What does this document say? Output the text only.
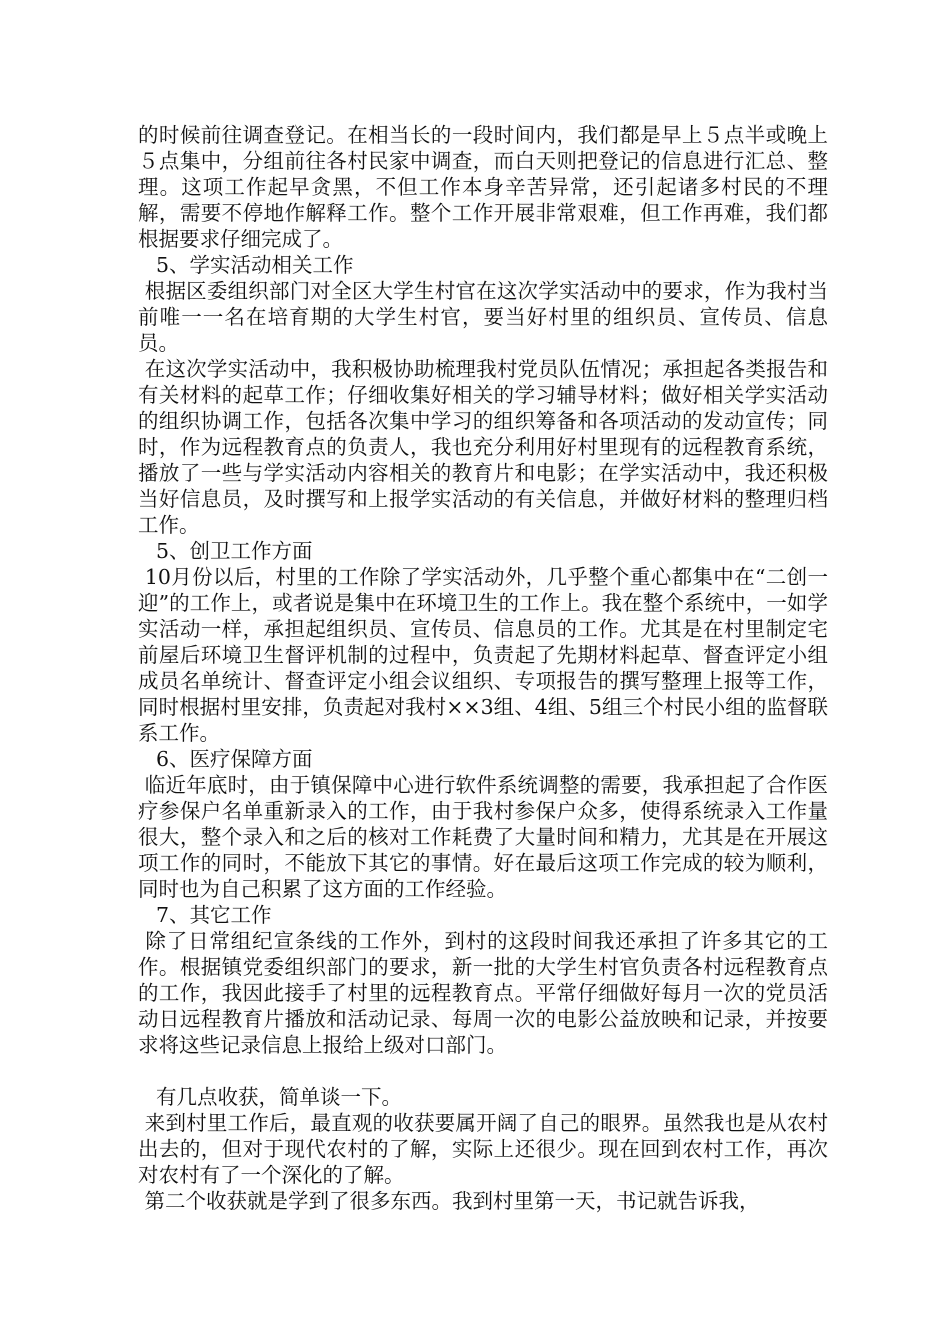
的时候前往调查登记。在相当长的一段时间内，我们都是早上５点半或晚上５点集中，分组前往各村民家中调查，而白天则把登记的信息进行汇总、整理。这项工作起早贪黑，不但工作本身辛苦异常，还引起诸多村民的不理解，需要不停地作解释工作。整个工作开展非常艰难，但工作再难，我们都根据要求仔细完成了。

5、学实活动相关工作

根据区委组织部门对全区大学生村官在这次学实活动中的要求，作为我村当前唯一一名在培育期的大学生村官，要当好村里的组织员、宣传员、信息员。

在这次学实活动中，我积极协助梳理我村党员队伍情况；承担起各类报告和有关材料的起草工作；仔细收集好相关的学习辅导材料；做好相关学实活动的组织协调工作，包括各次集中学习的组织筹备和各项活动的发动宣传；同时，作为远程教育点的负责人，我也充分利用好村里现有的远程教育系统，播放了一些与学实活动内容相关的教育片和电影；在学实活动中，我还积极当好信息员，及时撰写和上报学实活动的有关信息，并做好材料的整理归档工作。

5、创卫工作方面

10月份以后，村里的工作除了学实活动外，几乎整个重心都集中在“二创一迎”的工作上，或者说是集中在环境卫生的工作上。我在整个系统中，一如学实活动一样，承担起组织员、宣传员、信息员的工作。尤其是在村里制定宅前屋后环境卫生督评机制的过程中，负责起了先期材料起草、督查评定小组成员名单统计、督查评定小组会议组织、专项报告的撰写整理上报等工作，同时根据村里安排，负责起对我村××3组、4组、5组三个村民小组的监督联系工作。

6、医疗保障方面

临近年底时，由于镇保障中心进行软件系统调整的需要，我承担起了合作医疗参保户名单重新录入的工作，由于我村参保户众多，使得系统录入工作量很大，整个录入和之后的核对工作耗费了大量时间和精力，尤其是在开展这项工作的同时，不能放下其它的事情。好在最后这项工作完成的较为顺利，同时也为自己积累了这方面的工作经验。

7、其它工作

除了日常组纪宣条线的工作外，到村的这段时间我还承担了许多其它的工作。根据镇党委组织部门的要求，新一批的大学生村官负责各村远程教育点的工作，我因此接手了村里的远程教育点。平常仔细做好每月一次的党员活动日远程教育片播放和活动记录、每周一次的电影公益放映和记录，并按要求将这些记录信息上报给上级对口部门。

有几点收获，简单谈一下。

来到村里工作后，最直观的收获要属开阔了自己的眼界。虽然我也是从农村出去的，但对于现代农村的了解，实际上还很少。现在回到农村工作，再次对农村有了一个深化的了解。

第二个收获就是学到了很多东西。我到村里第一天，书记就告诉我，
